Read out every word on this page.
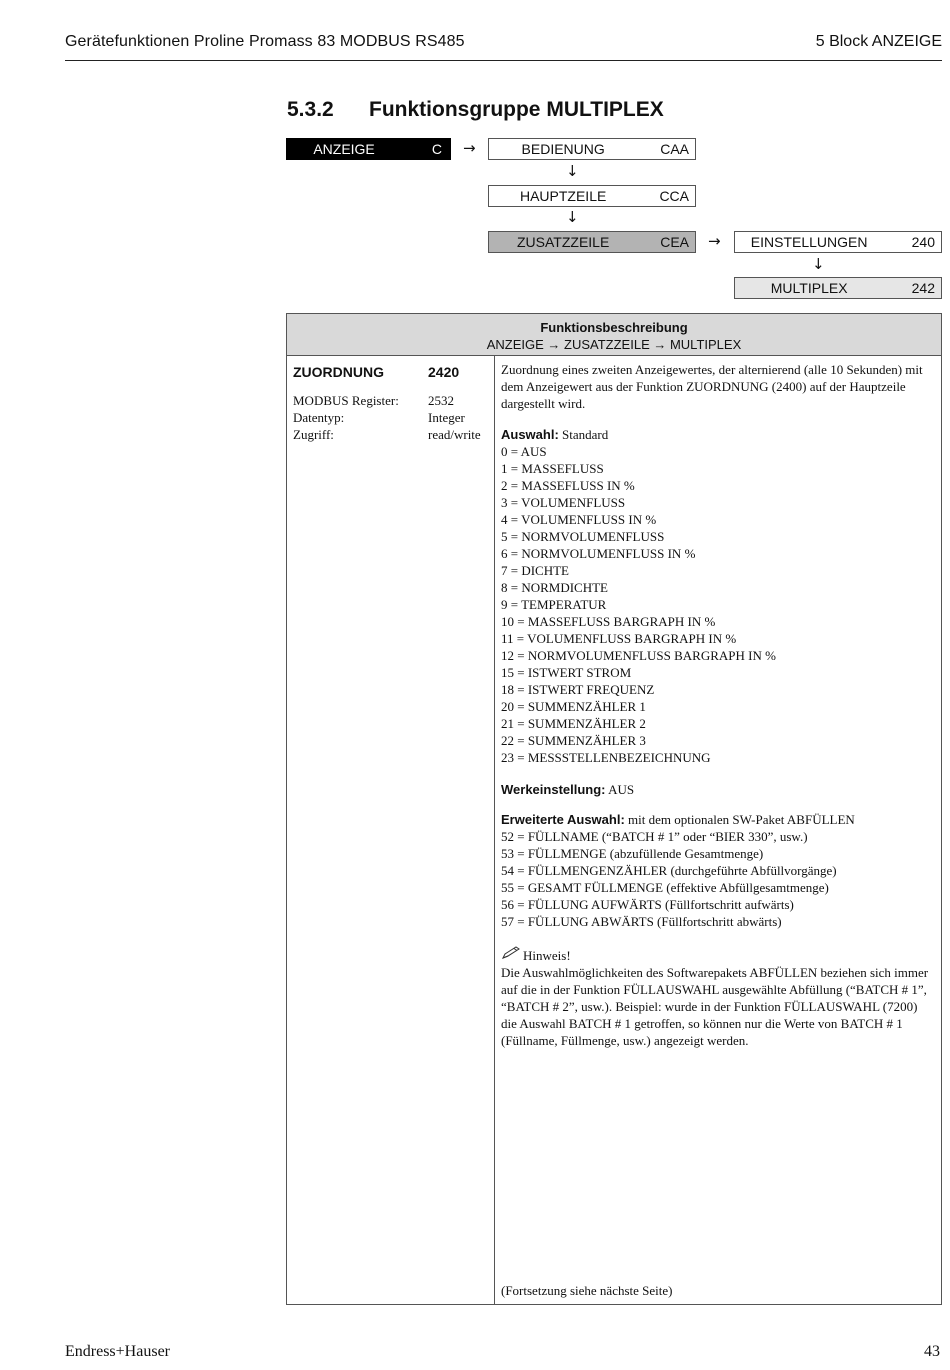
Gerätefunktionen Proline Promass 83 MODBUS RS485	5 Block ANZEIGE
5.3.2 Funktionsgruppe MULTIPLEX
ANZEIGE	C →	BEDIENUNG	CAA
↓
HAUPTZEILE	CCA
↓
ZUSATZZEILE	CEA →	EINSTELLUNGEN	240
↓
MULTIPLEX	242
Funktionsbeschreibung
ANZEIGE → ZUSATZZEILE → MULTIPLEX
ZUORDNUNG	2420
MODBUS Register: 2532
Datentyp:	Integer
Zugriff:	read/write
Zuordnung eines zweiten Anzeigewertes, der alternierend (alle 10 Sekunden) mit dem Anzeigewert aus der Funktion ZUORDNUNG (2400) auf der Hauptzeile dargestellt wird.
Auswahl: Standard
0 = AUS
1 = MASSEFLUSS
2 = MASSEFLUSS IN %
3 = VOLUMENFLUSS
4 = VOLUMENFLUSS IN %
5 = NORMVOLUMENFLUSS
6 = NORMVOLUMENFLUSS IN %
7 = DICHTE
8 = NORMDICHTE
9 = TEMPERATUR
10 = MASSEFLUSS BARGRAPH IN %
11 = VOLUMENFLUSS BARGRAPH IN %
12 = NORMVOLUMENFLUSS BARGRAPH IN %
15 = ISTWERT STROM
18 = ISTWERT FREQUENZ
20 = SUMMENZÄHLER 1
21 = SUMMENZÄHLER 2
22 = SUMMENZÄHLER 3
23 = MESSSTELLENBEZEICHNUNG
Werkeinstellung: AUS
Erweiterte Auswahl: mit dem optionalen SW-Paket ABFÜLLEN
52 = FÜLLNAME (“BATCH # 1” oder “BIER 330”, usw.)
53 = FÜLLMENGE (abzufüllende Gesamtmenge)
54 = FÜLLMENGENZÄHLER (durchgeführte Abfüllvorgänge)
55 = GESAMT FÜLLMENGE (effektive Abfüllgesamtmenge)
56 = FÜLLUNG AUFWÄRTS (Füllfortschritt aufwärts)
57 = FÜLLUNG ABWÄRTS (Füllfortschritt abwärts)
Hinweis!
Die Auswahlmöglichkeiten des Softwarepakets ABFÜLLEN beziehen sich immer auf die in der Funktion FÜLLAUSWAHL ausgewählte Abfüllung (“BATCH # 1”, “BATCH # 2”, usw.). Beispiel: wurde in der Funktion FÜLLAUSWAHL (7200) die Auswahl BATCH # 1 getroffen, so können nur die Werte von BATCH # 1 (Füllname, Füllmenge, usw.) angezeigt werden.
(Fortsetzung siehe nächste Seite)
Endress+Hauser	43
